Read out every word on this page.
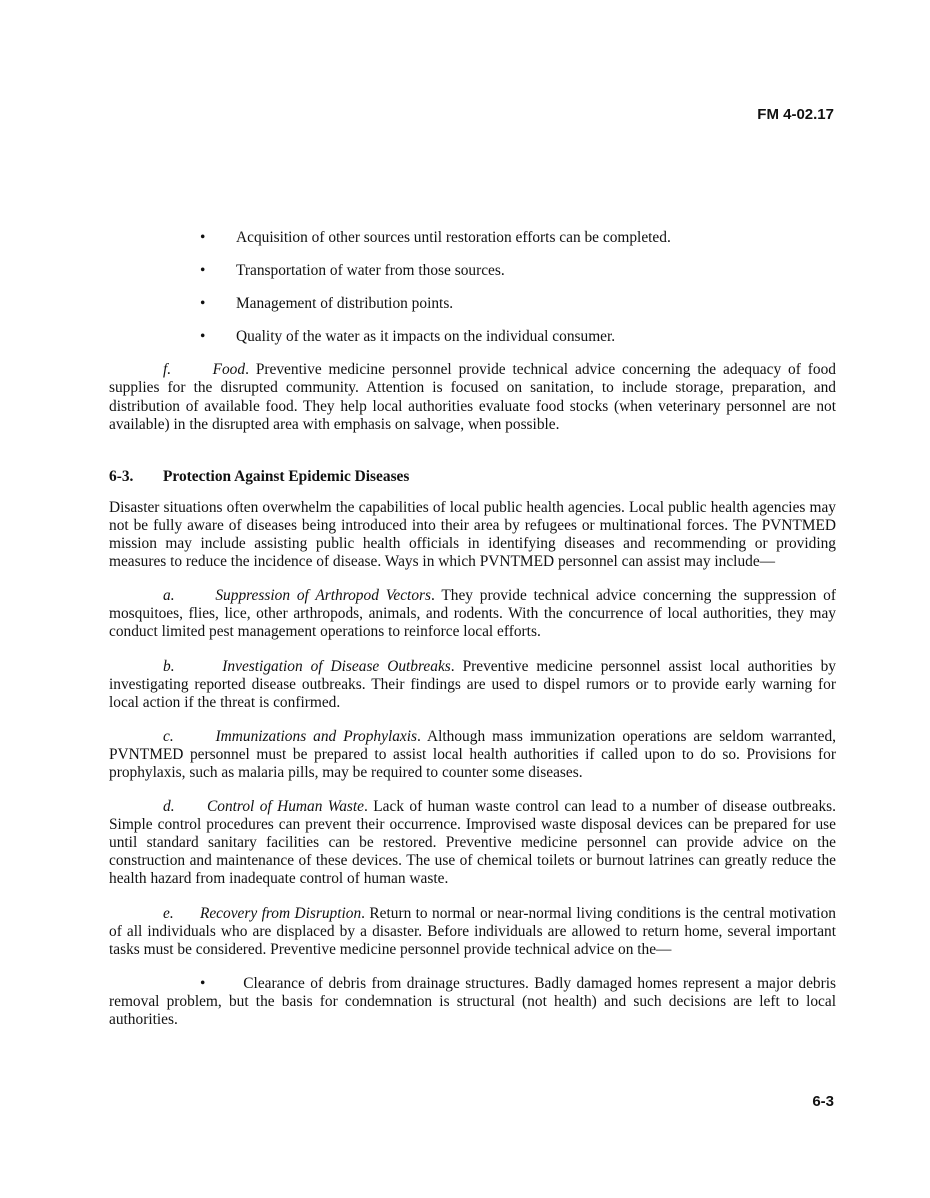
FM 4-02.17
• Acquisition of other sources until restoration efforts can be completed.
• Transportation of water from those sources.
• Management of distribution points.
• Quality of the water as it impacts on the individual consumer.

f.	Food. Preventive medicine personnel provide technical advice concerning the adequacy of food supplies for the disrupted community. Attention is focused on sanitation, to include storage, preparation, and distribution of available food. They help local authorities evaluate food stocks (when veterinary personnel are not available) in the disrupted area with emphasis on salvage, when possible.

6-3. Protection Against Epidemic Diseases

Disaster situations often overwhelm the capabilities of local public health agencies. Local public health agencies may not be fully aware of diseases being introduced into their area by refugees or multinational forces. The PVNTMED mission may include assisting public health officials in identifying diseases and recommending or providing measures to reduce the incidence of disease. Ways in which PVNTMED personnel can assist may include—

a.	Suppression of Arthropod Vectors. They provide technical advice concerning the suppression of mosquitoes, flies, lice, other arthropods, animals, and rodents. With the concurrence of local authorities, they may conduct limited pest management operations to reinforce local efforts.

b.	Investigation of Disease Outbreaks. Preventive medicine personnel assist local authorities by investigating reported disease outbreaks. Their findings are used to dispel rumors or to provide early warning for local action if the threat is confirmed.

c.	Immunizations and Prophylaxis. Although mass immunization operations are seldom warranted, PVNTMED personnel must be prepared to assist local health authorities if called upon to do so. Provisions for prophylaxis, such as malaria pills, may be required to counter some diseases.

d. Control of Human Waste. Lack of human waste control can lead to a number of disease outbreaks. Simple control procedures can prevent their occurrence. Improvised waste disposal devices can be prepared for use until standard sanitary facilities can be restored. Preventive medicine personnel can provide advice on the construction and maintenance of these devices. The use of chemical toilets or burnout latrines can greatly reduce the health hazard from inadequate control of human waste.

e. Recovery from Disruption. Return to normal or near-normal living conditions is the central motivation of all individuals who are displaced by a disaster. Before individuals are allowed to return home, several important tasks must be considered. Preventive medicine personnel provide technical advice on the—

• Clearance of debris from drainage structures. Badly damaged homes represent a major debris removal problem, but the basis for condemnation is structural (not health) and such decisions are left to local authorities.

6-3
